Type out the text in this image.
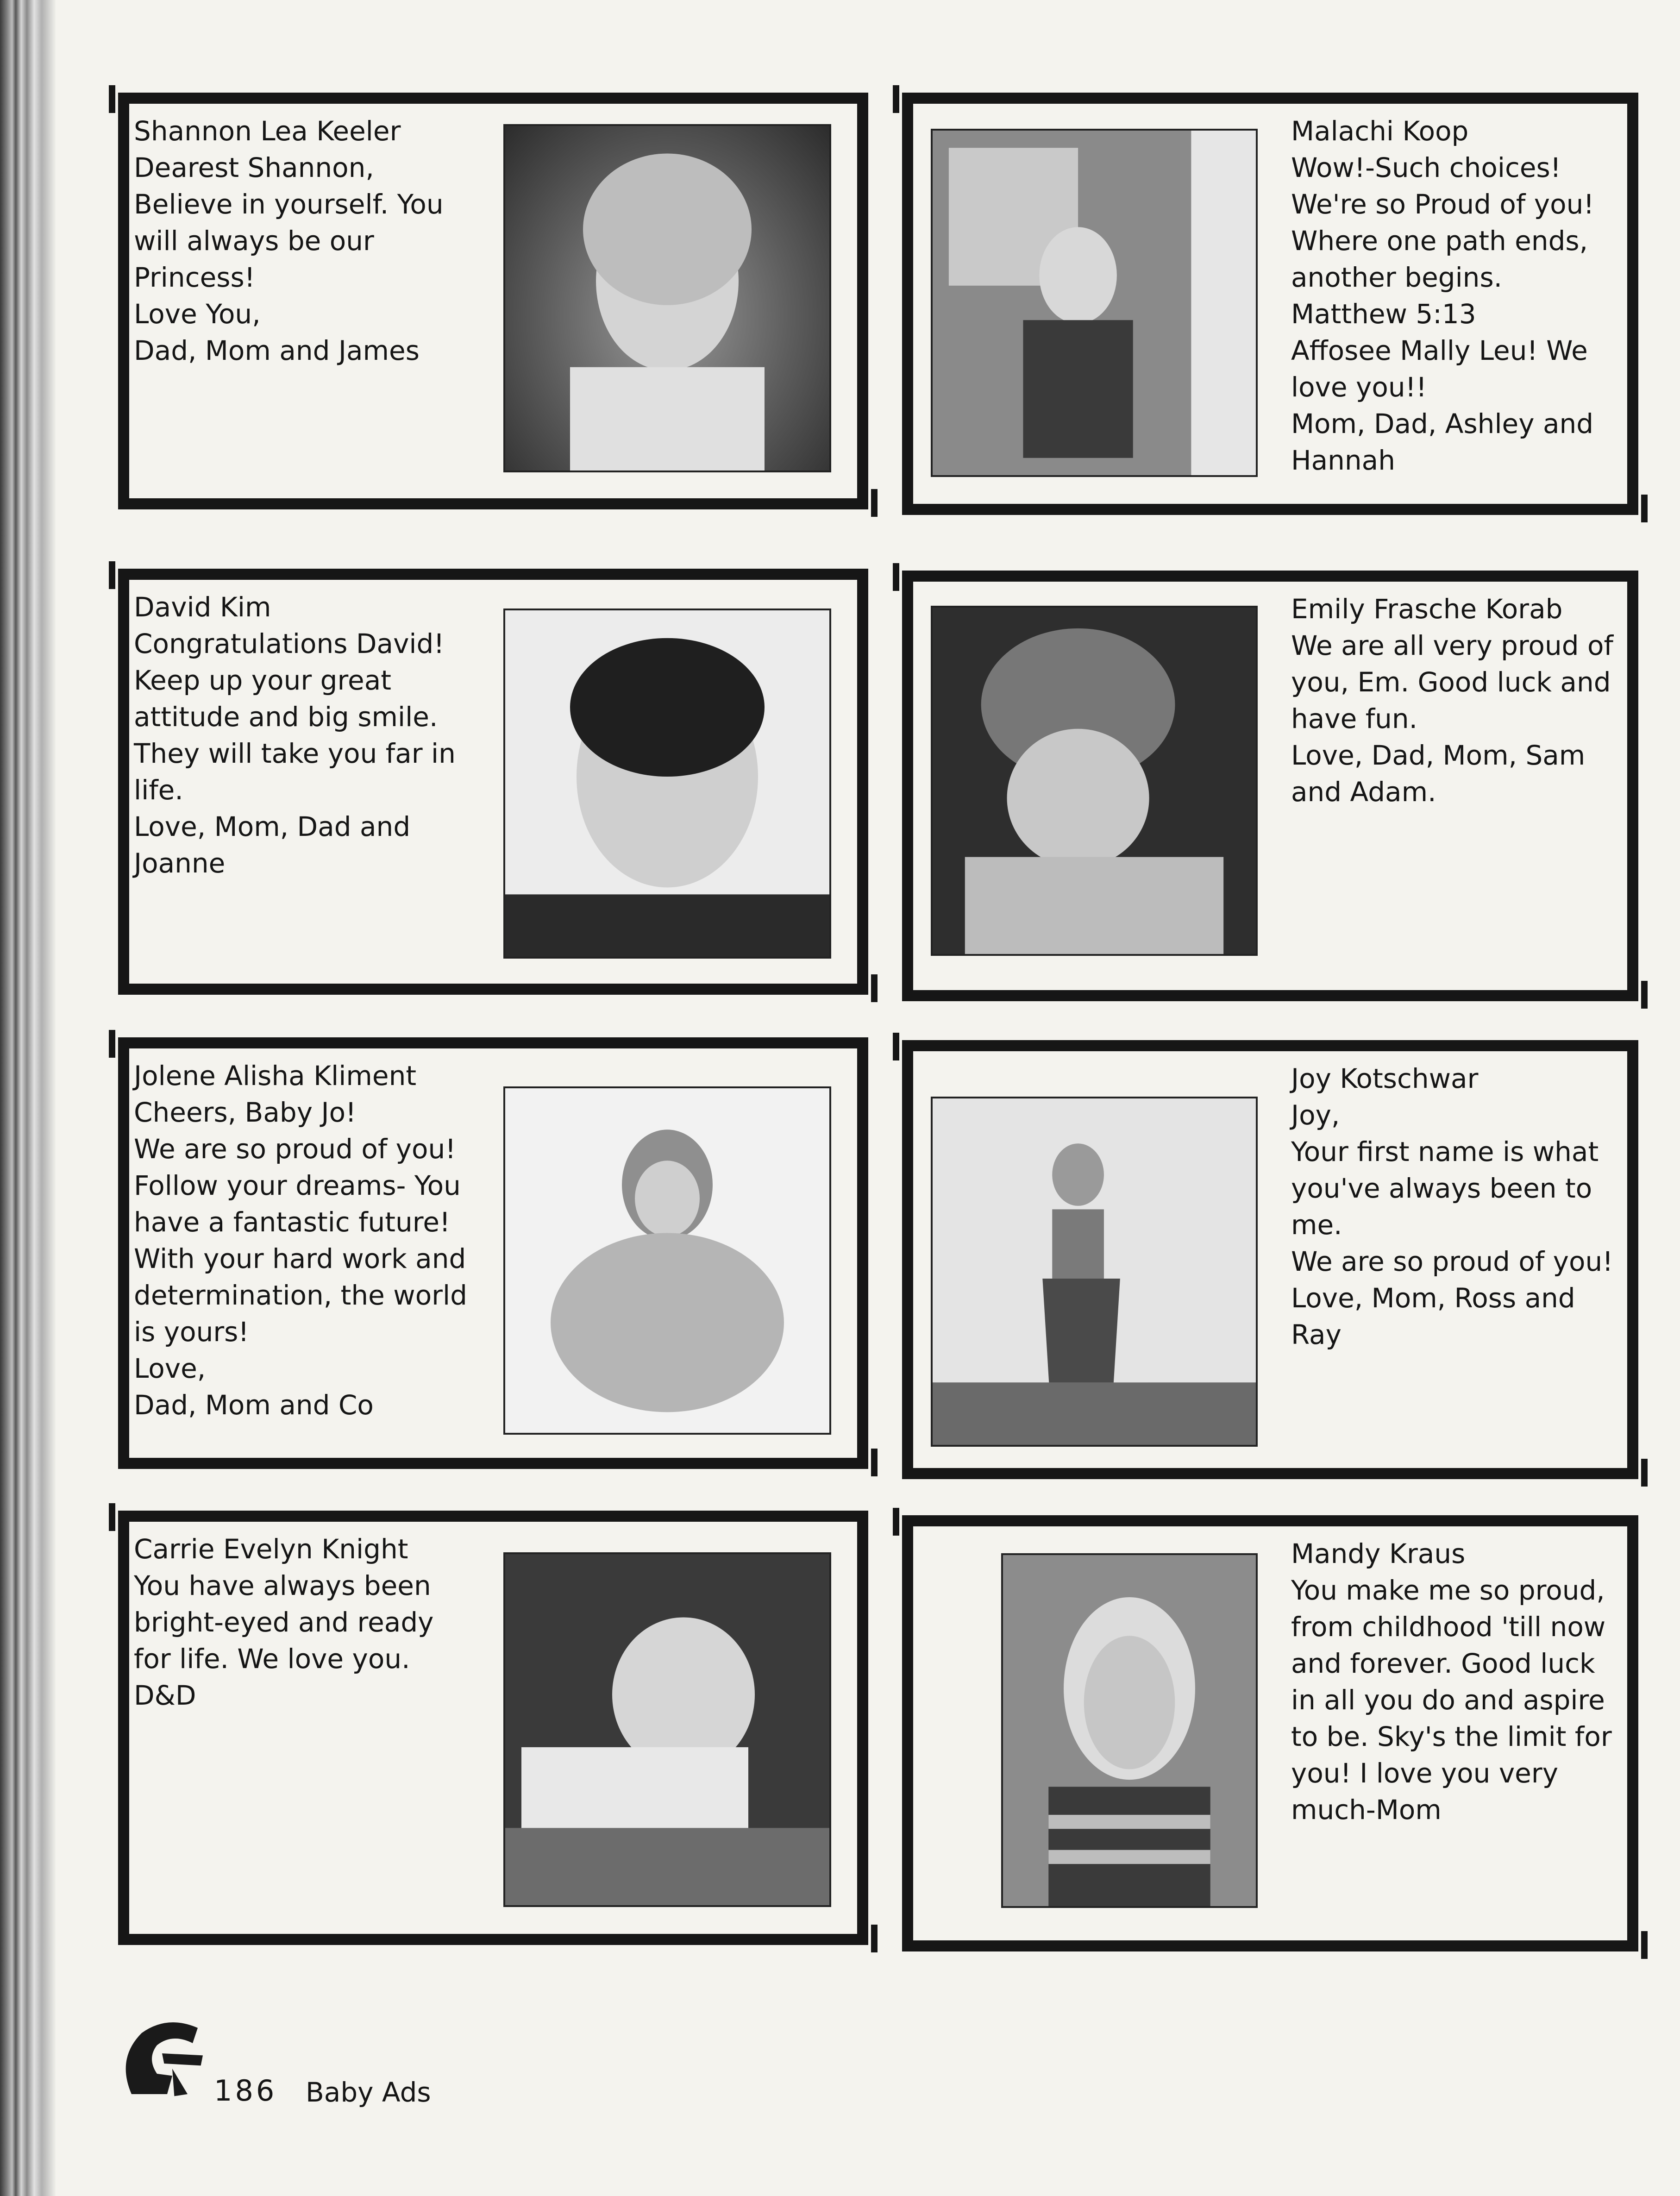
Shannon Lea Keeler
Dearest Shannon,
Believe in yourself. You will always be our Princess!
Love You,
Dad, Mom and James
Malachi Koop
Wow!-Such choices!
We're so Proud of you!
Where one path ends, another begins.
Matthew 5:13
Affosee Mally Leu! We love you!!
Mom, Dad, Ashley and Hannah
David Kim
Congratulations David! Keep up your great attitude and big smile. They will take you far in life.
Love, Mom, Dad and Joanne
Emily Frasche Korab
We are all very proud of you, Em. Good luck and have fun.
Love, Dad, Mom, Sam and Adam.
Jolene Alisha Kliment
Cheers, Baby Jo!
We are so proud of you!
Follow your dreams- You have a fantastic future! With your hard work and determination, the world is yours!
Love,
Dad, Mom and Co
Joy Kotschwar
Joy,
Your first name is what you've always been to me.
We are so proud of you!
Love, Mom, Ross and Ray
Carrie Evelyn Knight
You have always been bright-eyed and ready for life. We love you. D&D
Mandy Kraus
You make me so proud, from childhood 'till now and forever. Good luck in all you do and aspire to be. Sky's the limit for you! I love you very much-Mom
186 Baby Ads
